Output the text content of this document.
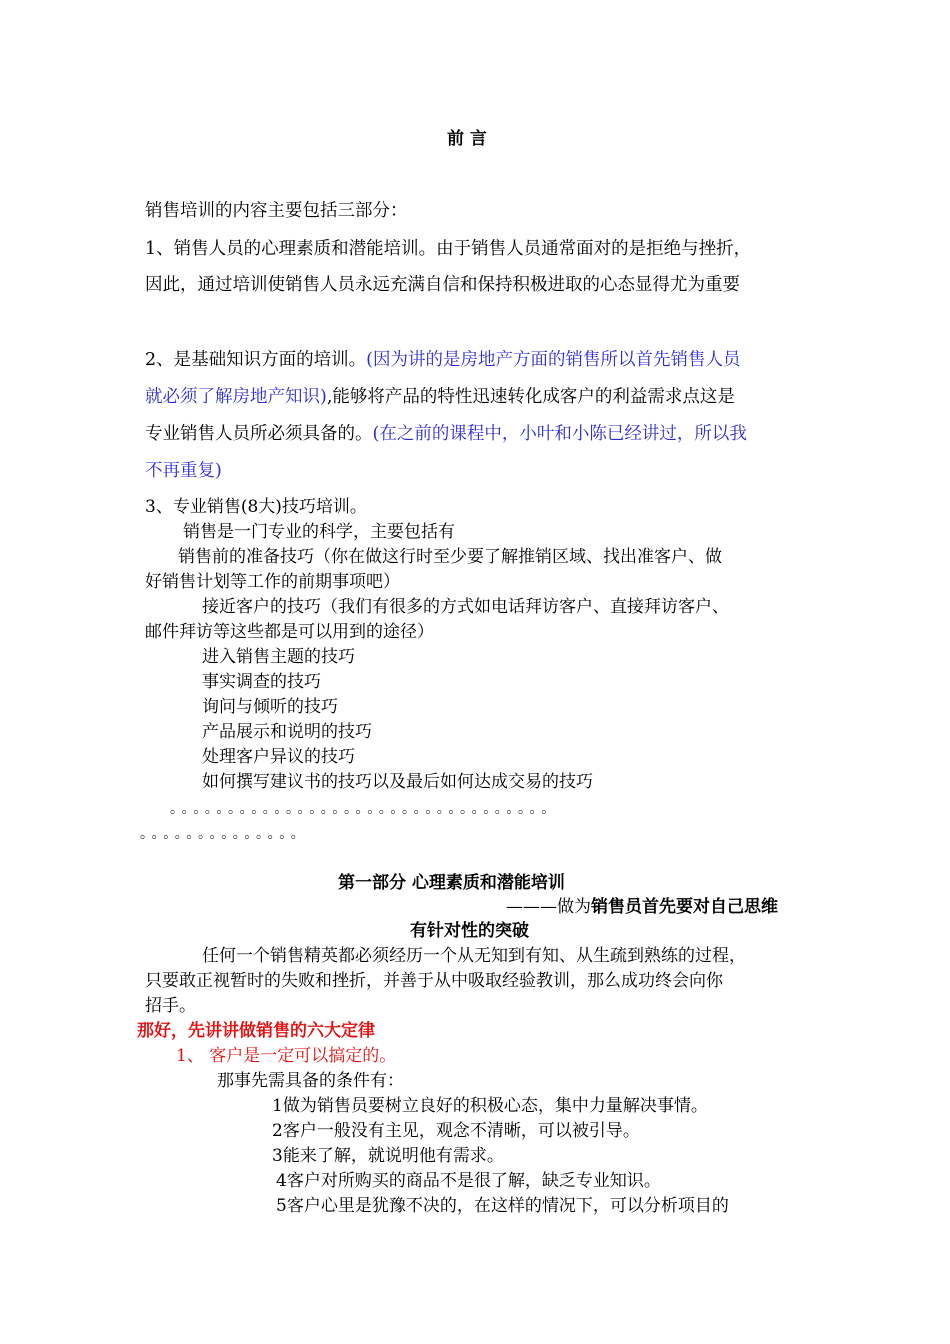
前 言
销售培训的内容主要包括三部分：
1、销售人员的心理素质和潜能培训。由于销售人员通常面对的是拒绝与挫折，
因此，通过培训使销售人员永远充满自信和保持积极进取的心态显得尤为重要
2、是基础知识方面的培训。(因为讲的是房地产方面的销售所以首先销售人员
就必须了解房地产知识),能够将产品的特性迅速转化成客户的利益需求点这是
专业销售人员所必须具备的。(在之前的课程中，小叶和小陈已经讲过，所以我
不再重复)
3、专业销售(8大)技巧培训。
销售是一门专业的科学，主要包括有
销售前的准备技巧（你在做这行时至少要了解推销区域、找出准客户、做
好销售计划等工作的前期事项吧）
接近客户的技巧（我们有很多的方式如电话拜访客户、直接拜访客户、
邮件拜访等这些都是可以用到的途径）
进入销售主题的技巧
事实调查的技巧
询问与倾听的技巧
产品展示和说明的技巧
处理客户异议的技巧
如何撰写建议书的技巧以及最后如何达成交易的技巧
。。。。。。。。。。。。。。。。。。。。。。。。。。。。。。。。。
。。。。。。。。。。。。。。
第一部分 心理素质和潜能培训
———做为销售员首先要对自己思维
有针对性的突破
任何一个销售精英都必须经历一个从无知到有知、从生疏到熟练的过程，
只要敢正视暂时的失败和挫折，并善于从中吸取经验教训，那么成功终会向你
招手。
那好，先讲讲做销售的六大定律
1、 客户是一定可以搞定的。
那事先需具备的条件有：
1做为销售员要树立良好的积极心态，集中力量解决事情。
2客户一般没有主见，观念不清晰，可以被引导。
3能来了解，就说明他有需求。
4客户对所购买的商品不是很了解，缺乏专业知识。
5客户心里是犹豫不决的，在这样的情况下，可以分析项目的
